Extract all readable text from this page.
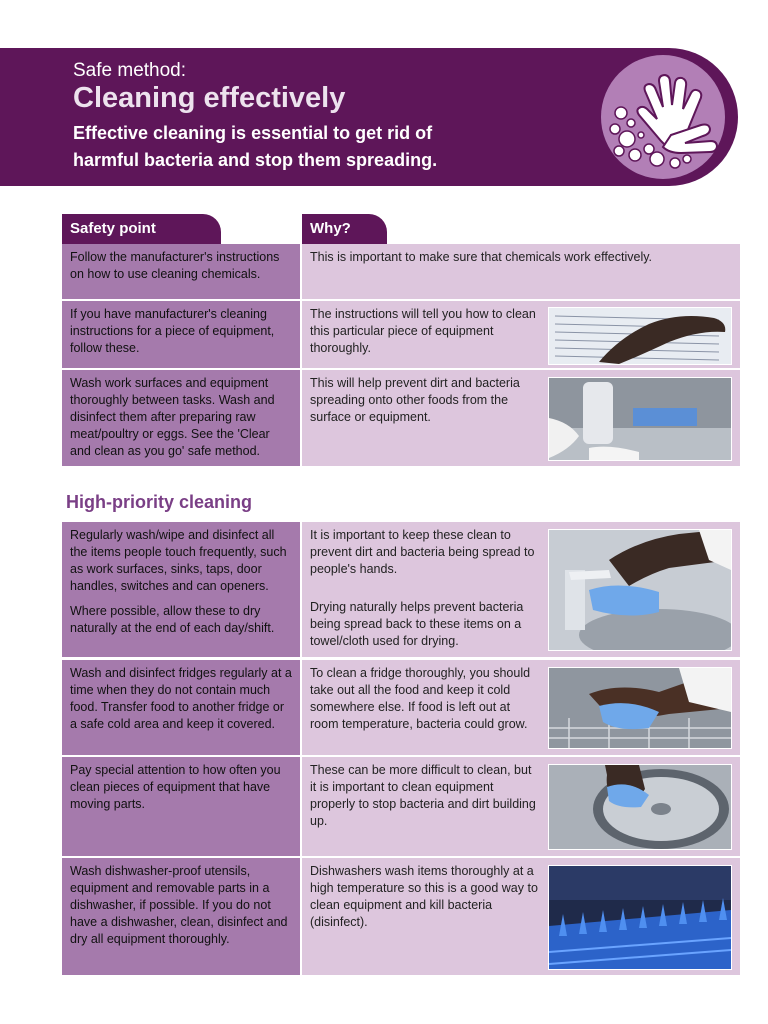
Safe method:
Cleaning effectively
Effective cleaning is essential to get rid of harmful bacteria and stop them spreading.
Safety point	Why?
Follow the manufacturer's instructions on how to use cleaning chemicals.
This is important to make sure that chemicals work effectively.
If you have manufacturer's cleaning instructions for a piece of equipment, follow these.
The instructions will tell you how to clean this particular piece of equipment thoroughly.
Wash work surfaces and equipment thoroughly between tasks. Wash and disinfect them after preparing raw meat/poultry or eggs. See the 'Clear and clean as you go' safe method.
This will help prevent dirt and bacteria spreading onto other foods from the surface or equipment.
High-priority cleaning
Regularly wash/wipe and disinfect all the items people touch frequently, such as work surfaces, sinks, taps, door handles, switches and can openers.
Where possible, allow these to dry naturally at the end of each day/shift.
It is important to keep these clean to prevent dirt and bacteria being spread to people's hands.
Drying naturally helps prevent bacteria being spread back to these items on a towel/cloth used for drying.
Wash and disinfect fridges regularly at a time when they do not contain much food. Transfer food to another fridge or a safe cold area and keep it covered.
To clean a fridge thoroughly, you should take out all the food and keep it cold somewhere else. If food is left out at room temperature, bacteria could grow.
Pay special attention to how often you clean pieces of equipment that have moving parts.
These can be more difficult to clean, but it is important to clean equipment properly to stop bacteria and dirt building up.
Wash dishwasher-proof utensils, equipment and removable parts in a dishwasher, if possible. If you do not have a dishwasher, clean, disinfect and dry all equipment thoroughly.
Dishwashers wash items thoroughly at a high temperature so this is a good way to clean equipment and kill bacteria (disinfect).
